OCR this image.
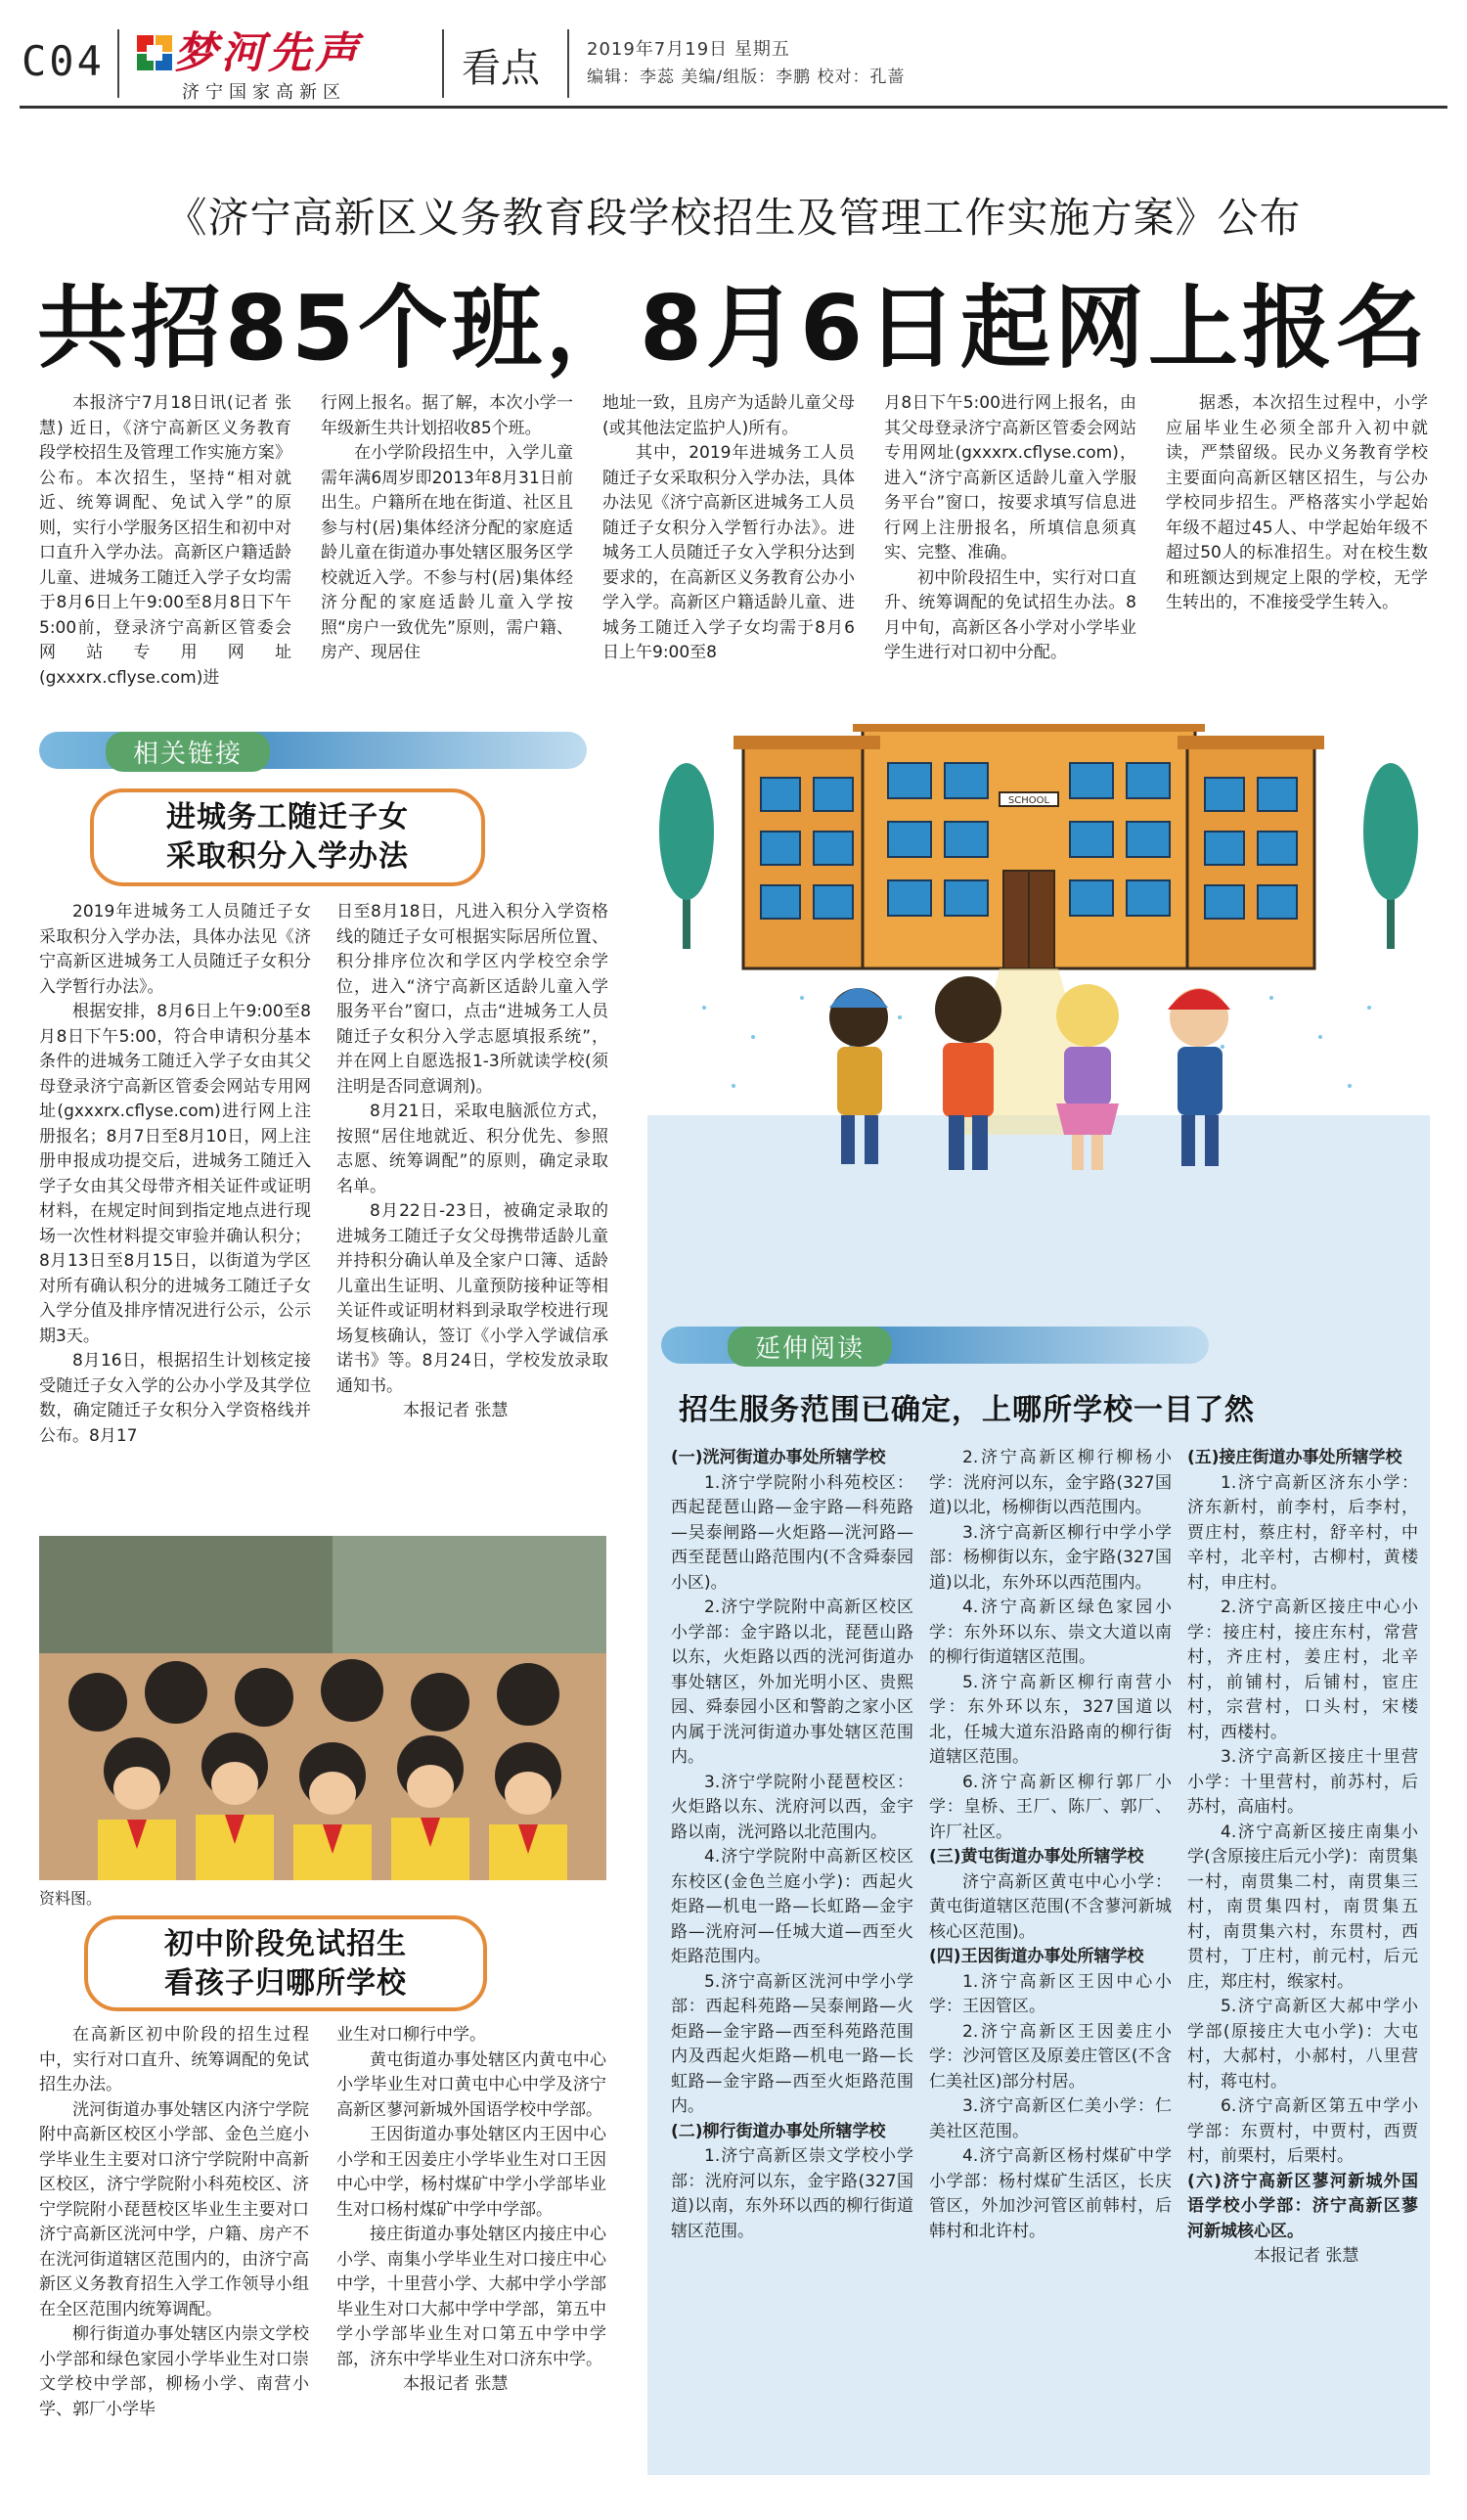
C04 梦河先声
济宁国家高新区
看点	2019年7月19日 星期五
编辑：李蕊 美编/组版：李鹏 校对：孔蔷
《济宁高新区义务教育段学校招生及管理工作实施方案》公布
共招85个班，8月6日起网上报名

本报济宁7月18日讯(记者 张慧) 近日，《济宁高新区义务教育段学校招生及管理工作实施方案》公布。本次招生，坚持“相对就近、统筹调配、免试入学”的原则，实行小学服务区招生和初中对口直升入学办法。高新区户籍适龄儿童、进城务工随迁入学子女均需于8月6日上午9:00至8月8日下午5:00前，登录济宁高新区管委会网站专用网址(gxxxrx.cflyse.com)进

行网上报名。据了解，本次小学一年级新生共计划招收85个班。

在小学阶段招生中，入学儿童需年满6周岁即2013年8月31日前出生。户籍所在地在街道、社区且参与村(居)集体经济分配的家庭适龄儿童在街道办事处辖区服务区学校就近入学。不参与村(居)集体经济分配的家庭适龄儿童入学按照“房户一致优先”原则，需户籍、房产、现居住

地址一致，且房产为适龄儿童父母(或其他法定监护人)所有。

其中，2019年进城务工人员随迁子女采取积分入学办法，具体办法见《济宁高新区进城务工人员随迁子女积分入学暂行办法》。进城务工人员随迁子女入学积分达到要求的，在高新区义务教育公办小学入学。高新区户籍适龄儿童、进城务工随迁入学子女均需于8月6日上午9:00至8

月8日下午5:00进行网上报名，由其父母登录济宁高新区管委会网站专用网址(gxxxrx.cflyse.com)，进入“济宁高新区适龄儿童入学服务平台”窗口，按要求填写信息进行网上注册报名，所填信息须真实、完整、准确。

初中阶段招生中，实行对口直升、统筹调配的免试招生办法。8月中旬，高新区各小学对小学毕业学生进行对口初中分配。

据悉，本次招生过程中，小学应届毕业生必须全部升入初中就读，严禁留级。民办义务教育学校主要面向高新区辖区招生，与公办学校同步招生。严格落实小学起始年级不超过45人、中学起始年级不超过50人的标准招生。对在校生数和班额达到规定上限的学校，无学生转出的，不准接受学生转入。

相关链接
进城务工随迁子女
采取积分入学办法

2019年进城务工人员随迁子女采取积分入学办法，具体办法见《济宁高新区进城务工人员随迁子女积分入学暂行办法》。

根据安排，8月6日上午9:00至8月8日下午5:00，符合申请积分基本条件的进城务工随迁入学子女由其父母登录济宁高新区管委会网站专用网址(gxxxrx.cflyse.com)进行网上注册报名；8月7日至8月10日，网上注册申报成功提交后，进城务工随迁入学子女由其父母带齐相关证件或证明材料，在规定时间到指定地点进行现场一次性材料提交审验并确认积分；8月13日至8月15日，以街道为学区对所有确认积分的进城务工随迁子女入学分值及排序情况进行公示，公示期3天。

8月16日，根据招生计划核定接受随迁子女入学的公办小学及其学位数，确定随迁子女积分入学资格线并公布。8月17

日至8月18日，凡进入积分入学资格线的随迁子女可根据实际居所位置、积分排序位次和学区内学校空余学位，进入“济宁高新区适龄儿童入学服务平台”窗口，点击“进城务工人员随迁子女积分入学志愿填报系统”，并在网上自愿选报1-3所就读学校(须注明是否同意调剂)。

8月21日，采取电脑派位方式，按照“居住地就近、积分优先、参照志愿、统筹调配”的原则，确定录取名单。

8月22日-23日，被确定录取的进城务工随迁子女父母携带适龄儿童并持积分确认单及全家户口簿、适龄儿童出生证明、儿童预防接种证等相关证件或证明材料到录取学校进行现场复核确认，签订《小学入学诚信承诺书》等。8月24日，学校发放录取通知书。

本报记者 张慧

资料图。
初中阶段免试招生
看孩子归哪所学校

在高新区初中阶段的招生过程中，实行对口直升、统筹调配的免试招生办法。

洸河街道办事处辖区内济宁学院附中高新区校区小学部、金色兰庭小学毕业生主要对口济宁学院附中高新区校区，济宁学院附小科苑校区、济宁学院附小琵琶校区毕业生主要对口济宁高新区洸河中学，户籍、房产不在洸河街道辖区范围内的，由济宁高新区义务教育招生入学工作领导小组在全区范围内统筹调配。

柳行街道办事处辖区内崇文学校小学部和绿色家园小学毕业生对口崇文学校中学部，柳杨小学、南营小学、郭厂小学毕

业生对口柳行中学。

黄屯街道办事处辖区内黄屯中心小学毕业生对口黄屯中心中学及济宁高新区蓼河新城外国语学校中学部。

王因街道办事处辖区内王因中心小学和王因姜庄小学毕业生对口王因中心中学，杨村煤矿中学小学部毕业生对口杨村煤矿中学中学部。

接庄街道办事处辖区内接庄中心小学、南集小学毕业生对口接庄中心中学，十里营小学、大郝中学小学部毕业生对口大郝中学中学部，第五中学小学部毕业生对口第五中学中学部，济东中学毕业生对口济东中学。

本报记者 张慧

SCHOOL
延伸阅读
招生服务范围已确定，上哪所学校一目了然

(一)洸河街道办事处所辖学校

1.济宁学院附小科苑校区：西起琵琶山路—金宇路—科苑路—吴泰闸路—火炬路—洸河路—西至琵琶山路范围内(不含舜泰园小区)。

2.济宁学院附中高新区校区小学部：金宇路以北，琵琶山路以东，火炬路以西的洸河街道办事处辖区，外加光明小区、贵熙园、舜泰园小区和警韵之家小区内属于洸河街道办事处辖区范围内。

3.济宁学院附小琵琶校区：火炬路以东、洸府河以西，金宇路以南，洸河路以北范围内。

4.济宁学院附中高新区校区东校区(金色兰庭小学)：西起火炬路—机电一路—长虹路—金宇路—洸府河—任城大道—西至火炬路范围内。

5.济宁高新区洸河中学小学部：西起科苑路—吴泰闸路—火炬路—金宇路—西至科苑路范围内及西起火炬路—机电一路—长虹路—金宇路—西至火炬路范围内。

(二)柳行街道办事处所辖学校

1.济宁高新区崇文学校小学部：洸府河以东，金宇路(327国道)以南，东外环以西的柳行街道辖区范围。

2.济宁高新区柳行柳杨小学：洸府河以东，金宇路(327国道)以北，杨柳街以西范围内。

3.济宁高新区柳行中学小学部：杨柳街以东，金宇路(327国道)以北，东外环以西范围内。

4.济宁高新区绿色家园小学：东外环以东、崇文大道以南的柳行街道辖区范围。

5.济宁高新区柳行南营小学：东外环以东，327国道以北，任城大道东沿路南的柳行街道辖区范围。

6.济宁高新区柳行郭厂小学：皇桥、王厂、陈厂、郭厂、许厂社区。

(三)黄屯街道办事处所辖学校

济宁高新区黄屯中心小学：黄屯街道辖区范围(不含蓼河新城核心区范围)。

(四)王因街道办事处所辖学校

1.济宁高新区王因中心小学：王因管区。

2.济宁高新区王因姜庄小学：沙河管区及原姜庄管区(不含仁美社区)部分村居。

3.济宁高新区仁美小学：仁美社区范围。

4.济宁高新区杨村煤矿中学小学部：杨村煤矿生活区，长庆管区，外加沙河管区前韩村，后韩村和北许村。

(五)接庄街道办事处所辖学校

1.济宁高新区济东小学：济东新村，前李村，后李村，贾庄村，蔡庄村，舒辛村，中辛村，北辛村，古柳村，黄楼村，申庄村。

2.济宁高新区接庄中心小学：接庄村，接庄东村，常营村，齐庄村，姜庄村，北辛村，前铺村，后铺村，宦庄村，宗营村，口头村，宋楼村，西楼村。

3.济宁高新区接庄十里营小学：十里营村，前苏村，后苏村，高庙村。

4.济宁高新区接庄南集小学(含原接庄后元小学)：南贯集一村，南贯集二村，南贯集三村，南贯集四村，南贯集五村，南贯集六村，东贯村，西贯村，丁庄村，前元村，后元庄，郑庄村，缑家村。

5.济宁高新区大郝中学小学部(原接庄大屯小学)：大屯村，大郝村，小郝村，八里营村，蒋屯村。

6.济宁高新区第五中学小学部：东贾村，中贾村，西贾村，前栗村，后栗村。

(六)济宁高新区蓼河新城外国语学校小学部：济宁高新区蓼河新城核心区。

本报记者 张慧
